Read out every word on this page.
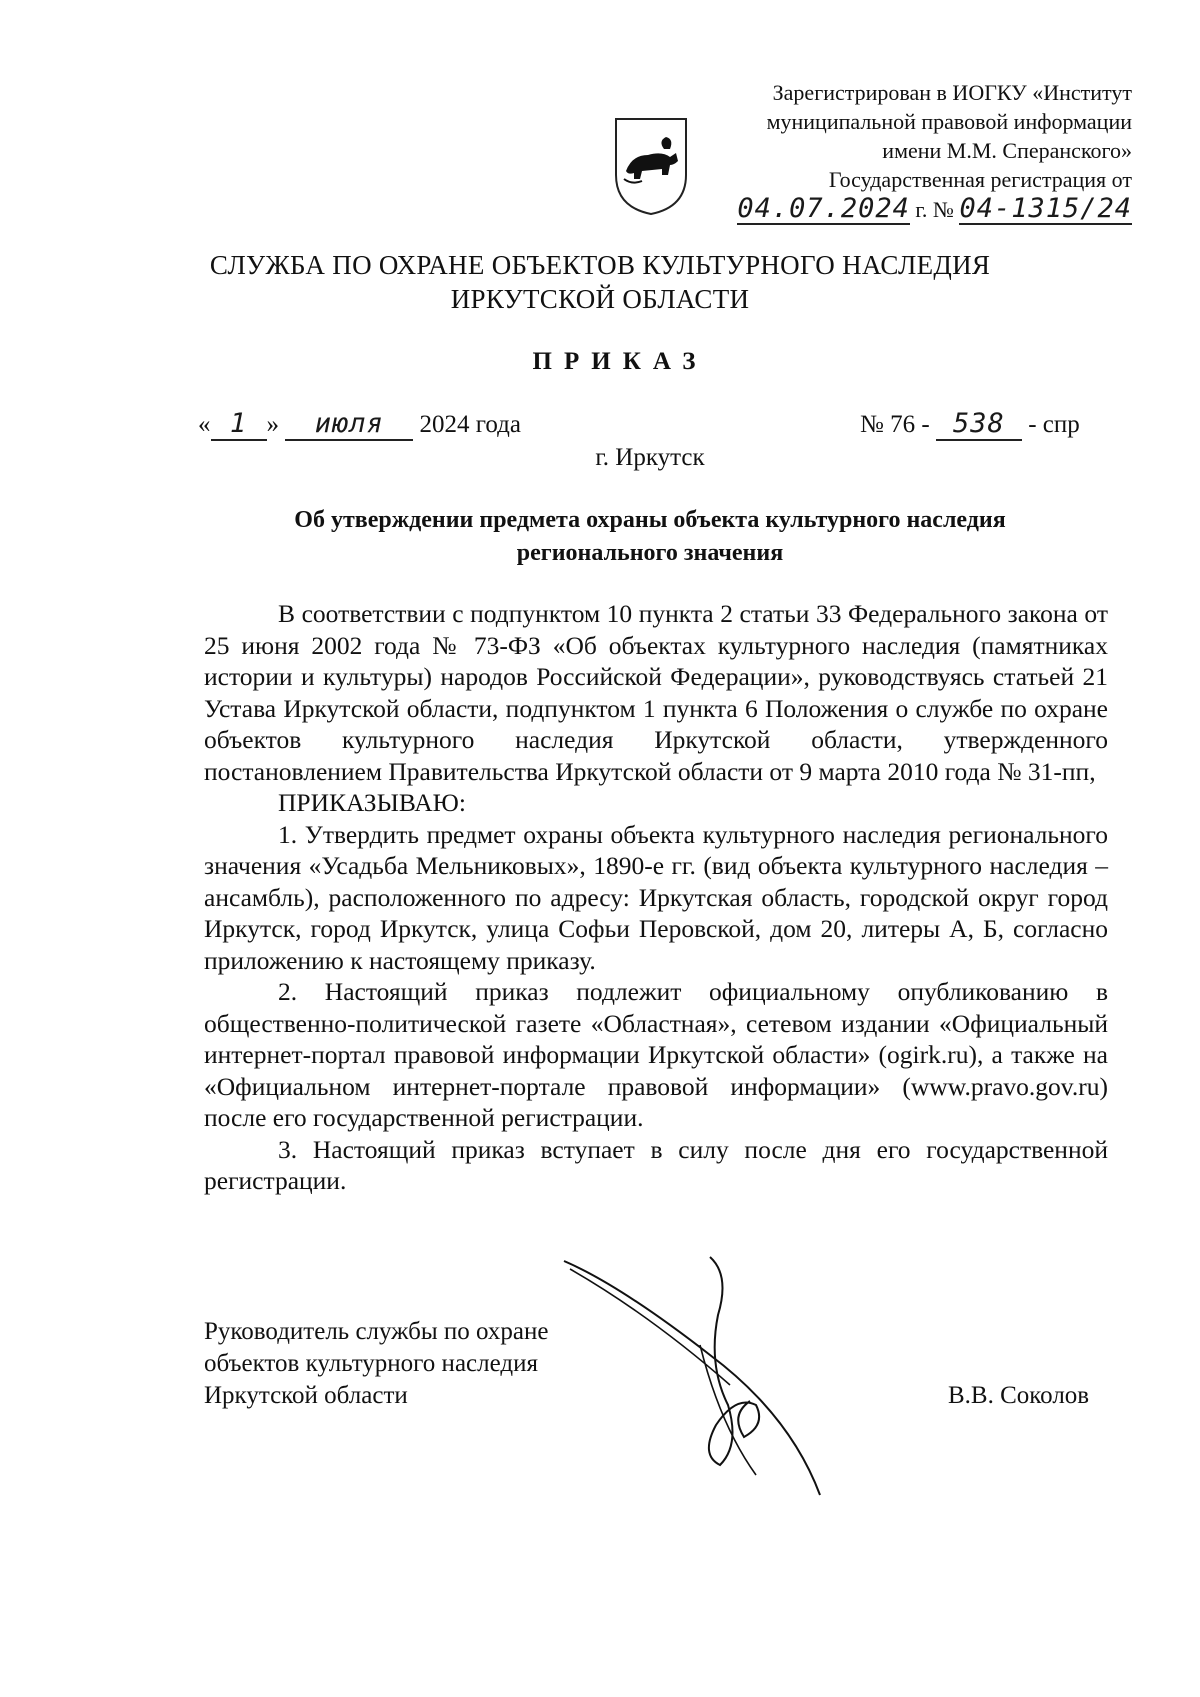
Зарегистрирован в ИОГКУ «Институт
муниципальной правовой информации
имени М.М. Сперанского»
Государственная регистрация от
04.07.2024 г. № 04-1315/24
СЛУЖБА ПО ОХРАНЕ ОБЪЕКТОВ КУЛЬТУРНОГО НАСЛЕДИЯ
ИРКУТСКОЙ ОБЛАСТИ
ПРИКАЗ
« 1 » июля 2024 года	№ 76 - 538 - спр
г. Иркутск
Об утверждении предмета охраны объекта культурного наследия
регионального значения

В соответствии с подпунктом 10 пункта 2 статьи 33 Федерального закона от 25 июня 2002 года № 73-ФЗ «Об объектах культурного наследия (памятниках истории и культуры) народов Российской Федерации», руководствуясь статьей 21 Устава Иркутской области, подпунктом 1 пункта 6 Положения о службе по охране объектов культурного наследия Иркутской области, утвержденного постановлением Правительства Иркутской области от 9 марта 2010 года № 31-пп,

ПРИКАЗЫВАЮ:

1. Утвердить предмет охраны объекта культурного наследия регионального значения «Усадьба Мельниковых», 1890-е гг. (вид объекта культурного наследия – ансамбль), расположенного по адресу: Иркутская область, городской округ город Иркутск, город Иркутск, улица Софьи Перовской, дом 20, литеры А, Б, согласно приложению к настоящему приказу.

2. Настоящий приказ подлежит официальному опубликованию в общественно-политической газете «Областная», сетевом издании «Официальный интернет-портал правовой информации Иркутской области» (ogirk.ru), а также на «Официальном интернет-портале правовой информации» (www.pravo.gov.ru) после его государственной регистрации.

3. Настоящий приказ вступает в силу после дня его государственной регистрации.

Руководитель службы по охране
объектов культурного наследия
Иркутской области	В.В. Соколов
